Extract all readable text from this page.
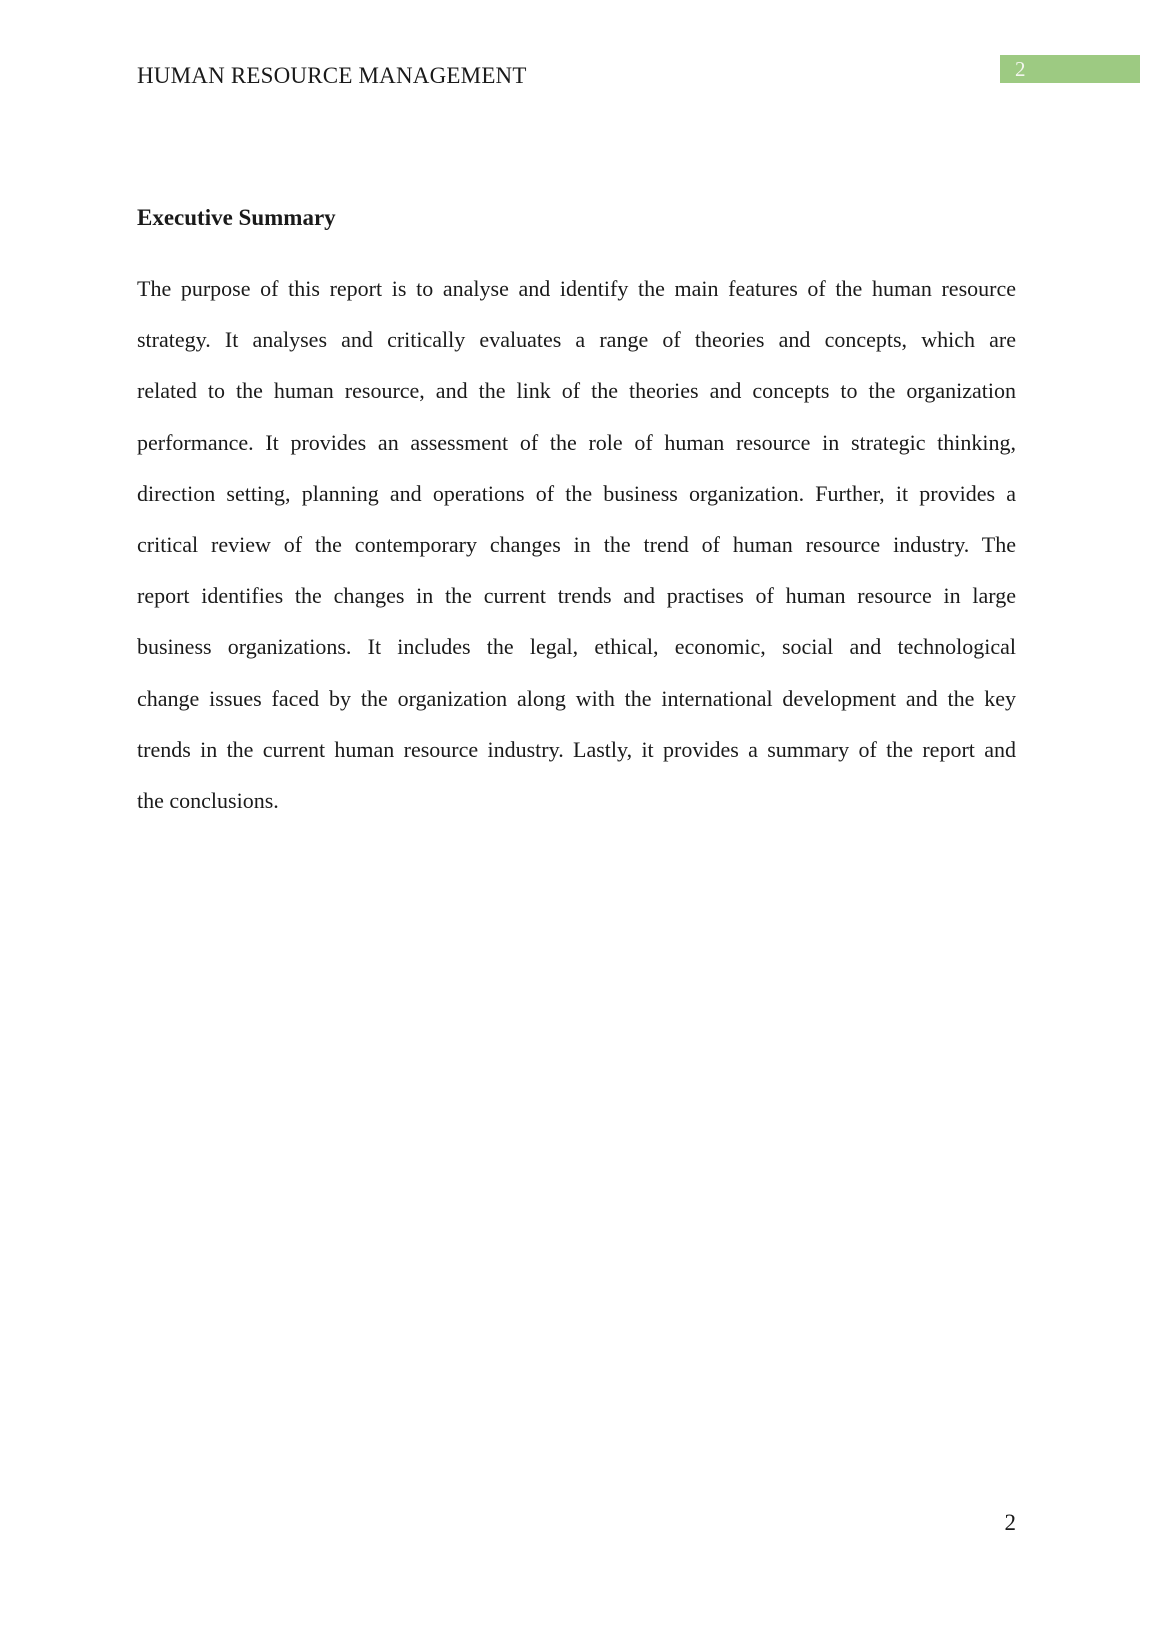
HUMAN RESOURCE MANAGEMENT	2
Executive Summary
The purpose of this report is to analyse and identify the main features of the human resource
strategy. It analyses and critically evaluates a range of theories and concepts, which are
related to the human resource, and the link of the theories and concepts to the organization
performance. It provides an assessment of the role of human resource in strategic thinking,
direction setting, planning and operations of the business organization. Further, it provides a
critical review of the contemporary changes in the trend of human resource industry. The
report identifies the changes in the current trends and practises of human resource in large
business organizations. It includes the legal, ethical, economic, social and technological
change issues faced by the organization along with the international development and the key
trends in the current human resource industry. Lastly, it provides a summary of the report and
the conclusions.
2
